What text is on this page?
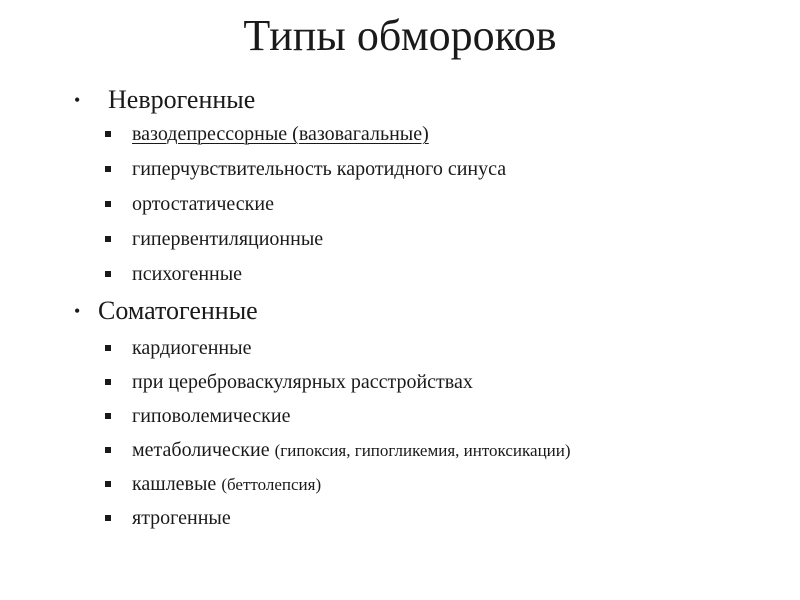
Типы обмороков
• Неврогенные
вазодепрессорные (вазовагальные)
гиперчувствительность каротидного синуса
ортостатические
гипервентиляционные
психогенные
• Соматогенные
кардиогенные
при цереброваскулярных расстройствах
гиповолемические
метаболические (гипоксия, гипогликемия, интоксикации)
кашлевые (беттолепсия)
ятрогенные
